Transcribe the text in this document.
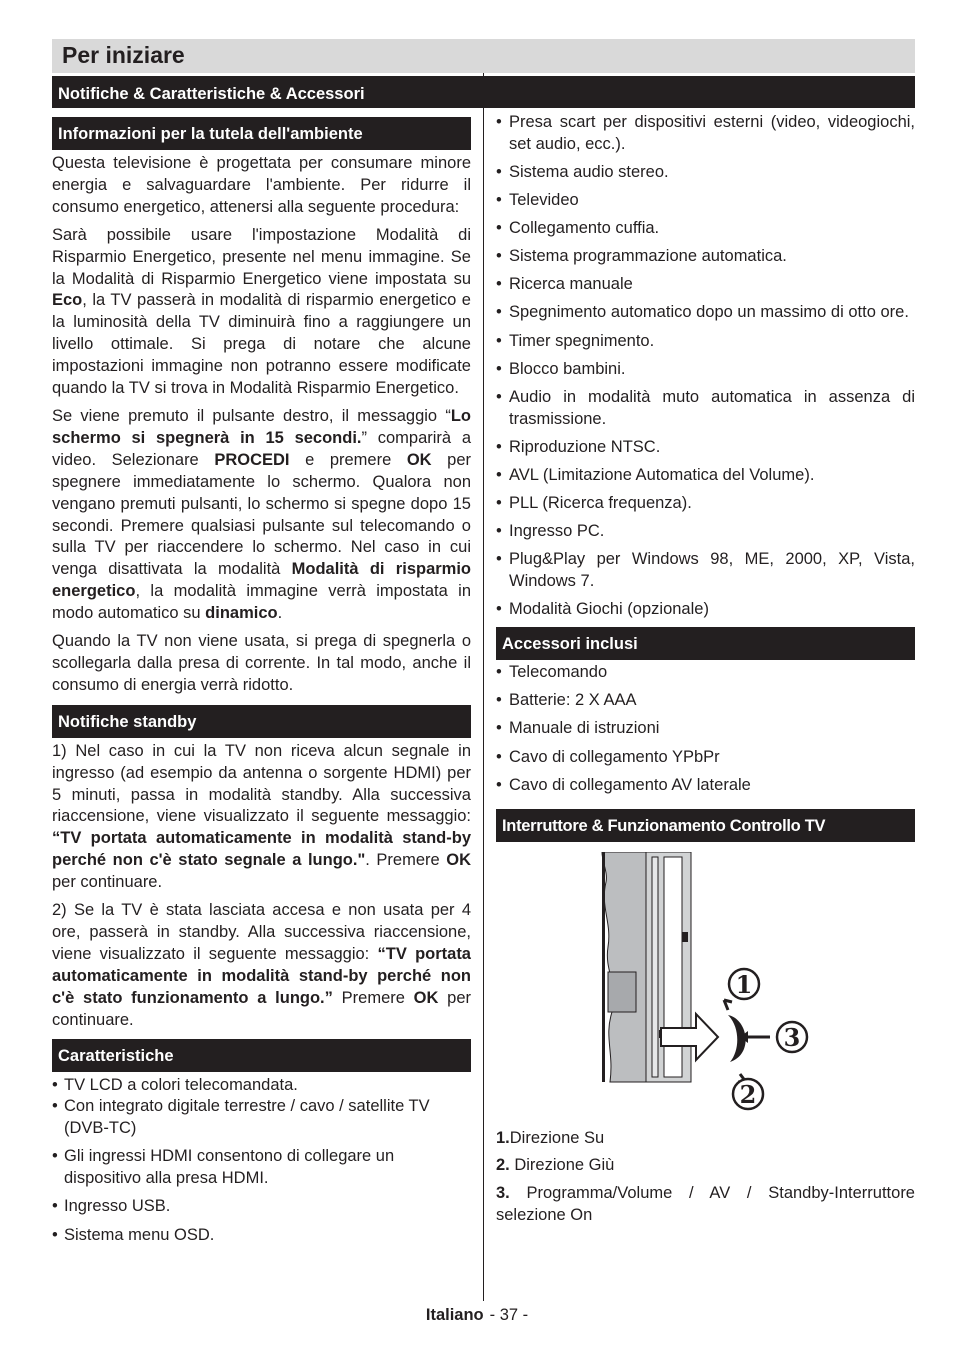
Per iniziare
Notifiche & Caratteristiche & Accessori
Informazioni per la tutela dell'ambiente

Questa televisione è progettata per consumare minore energia e salvaguardare l'ambiente. Per ridurre il consumo energetico, attenersi alla seguente procedura:

Sarà possibile usare l'impostazione Modalità di Risparmio Energetico, presente nel menu immagine. Se la Modalità di Risparmio Energetico viene impostata su Eco, la TV passerà in modalità di risparmio energetico e la luminosità della TV diminuirà fino a raggiungere un livello ottimale. Si prega di notare che alcune impostazioni immagine non potranno essere modificate quando la TV si trova in Modalità Risparmio Energetico.

Se viene premuto il pulsante destro, il messaggio “Lo schermo si spegnerà in 15 secondi.” comparirà a video. Selezionare PROCEDI e premere OK per spegnere immediatamente lo schermo. Qualora non vengano premuti pulsanti, lo schermo si spegne dopo 15 secondi. Premere qualsiasi pulsante sul telecomando o sulla TV per riaccendere lo schermo. Nel caso in cui venga disattivata la modalità Modalità di risparmio energetico, la modalità immagine verrà impostata in modo automatico su dinamico.

Quando la TV non viene usata, si prega di spegnerla o scollegarla dalla presa di corrente. In tal modo, anche il consumo di energia verrà ridotto.

Notifiche standby

1) Nel caso in cui la TV non riceva alcun segnale in ingresso (ad esempio da antenna o sorgente HDMI) per 5 minuti, passa in modalità standby. Alla successiva riaccensione, viene visualizzato il seguente messaggio: “TV portata automaticamente in modalità stand-by perché non c'è stato segnale a lungo.". Premere OK per continuare.

2) Se la TV è stata lasciata accesa e non usata per 4 ore, passerà in standby. Alla successiva riaccensione, viene visualizzato il seguente messaggio: “TV portata automaticamente in modalità stand-by perché non c'è stato funzionamento a lungo.” Premere OK per continuare.

Caratteristiche
• TV LCD a colori telecomandata.
• Con integrato digitale terrestre / cavo / satellite TV (DVB-TC)
• Gli ingressi HDMI consentono di collegare un dispositivo alla presa HDMI.
• Ingresso USB.
• Sistema menu OSD.
• Presa scart per dispositivi esterni (video, videogiochi, set audio, ecc.).
• Sistema audio stereo.
• Televideo
• Collegamento cuffia.
• Sistema programmazione automatica.
• Ricerca manuale
• Spegnimento automatico dopo un massimo di otto ore.
• Timer spegnimento.
• Blocco bambini.
• Audio in modalità muto automatica in assenza di trasmissione.
• Riproduzione NTSC.
• AVL (Limitazione Automatica del Volume).
• PLL (Ricerca frequenza).
• Ingresso PC.
• Plug&Play per Windows 98, ME, 2000, XP, Vista, Windows 7.
• Modalità Giochi (opzionale)
Accessori inclusi
• Telecomando
• Batterie: 2 X AAA
• Manuale di istruzioni
• Cavo di collegamento YPbPr
• Cavo di collegamento AV laterale
Interruttore & Funzionamento Controllo TV
1
3
2

1.Direzione Su

2. Direzione Giù

3. Programma/Volume / AV / Standby-Interruttore selezione On

Italiano - 37 -
